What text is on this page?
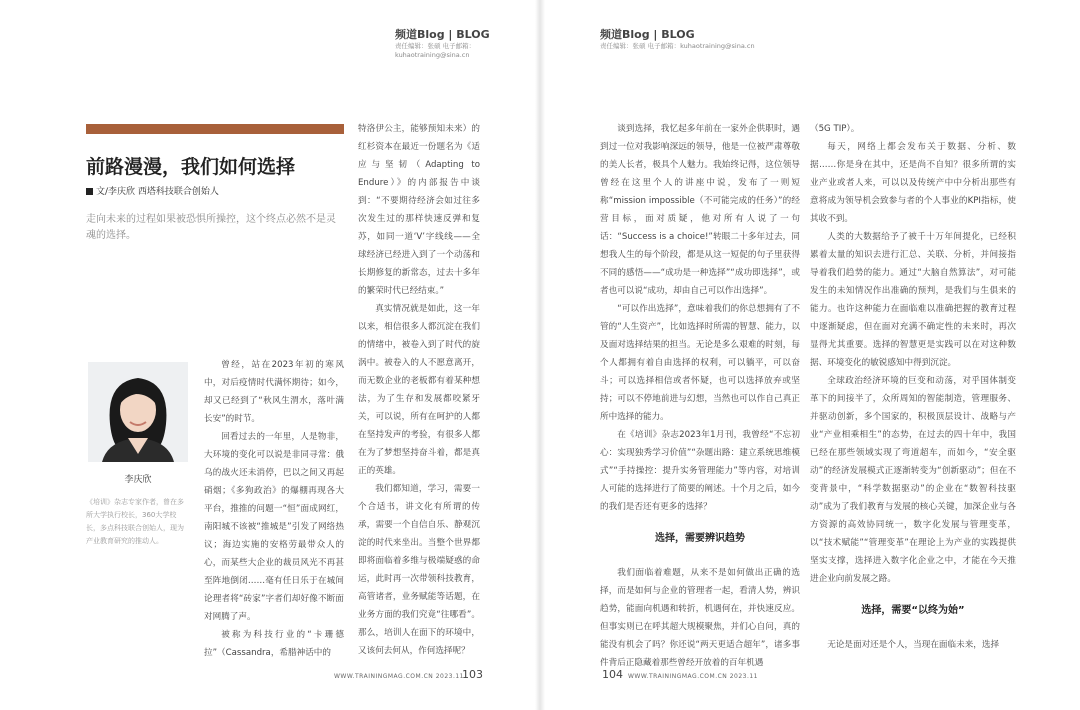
频道Blog | BLOG
责任编辑：张硕 电子邮箱：kuhaotraining@sina.cn
前路漫漫，我们如何选择
文/李庆欣 西塔科技联合创始人

走向未来的过程如果被恐惧所操控，这个终点必然不是灵魂的选择。

李庆欣

《培训》杂志专家作者，曾在多所大学执行校长，360大学校长，多点科技联合创始人，现为产业教育研究的推动人。

曾经，站在2023年初的寒风中，对后疫情时代满怀期待；如今，却又已经到了“秋风生渭水，落叶满长安”的时节。

回看过去的一年里，人是物非，大环境的变化可以说是非同寻常：俄乌的战火还未消停，巴以之间又再起硝烟；《多狗政治》的爆棚再现各大平台，推推的问题一“恒”面成网红，南阳城不该被“推城是”引发了网络热议；海边实施的安格劳最带众人的心，而某些大企业的裁员风光不再甚至阵地倒闭……毫有任日乐于在城间论理者将“砖家”字者们却好像不断面对网腾了声。

被称为科技行业的“卡珊德拉”（Cassandra，希腊神话中的

特洛伊公主，能够预知未来）的红杉资本在最近一份题名为《适应与坚韧（Adapting to Endure）》的内部报告中谈到：“不要期待经济会如过往多次发生过的那样快速反弹和复苏，如同一道‘V’字线线——全球经济已经进入到了一个动荡和长期修复的新常态，过去十多年的繁荣时代已经结束。”

真实情况就是如此，这一年以来，相信很多人都沉淀在我们的情绪中，被卷入到了时代的旋涡中。被卷入的人不愿意离开，而无数企业的老板都有着某种想法，为了生存和发展都咬紧牙关，可以说，所有在呵护的人都在坚持发声的考验，有很多人都在为了梦想坚持奋斗着，都是真正的英雄。

我们都知道，学习，需要一个合适书，讲文化有所谓的传承，需要一个自信自乐、静观沉淀的时代来坐出。当整个世界都即将面临着多维与极端疑惑的命运，此时再一次带领科技教育，高管诸者，业务赋能等话题，在业务方面的我们究竟“往哪看”。那么，培训人在面下的环境中，又该何去何从，作何选择呢？

WWW.TRAININGMAG.COM.CN 2023.11
103
频道Blog | BLOG
责任编辑：张硕 电子邮箱：kuhaotraining@sina.cn

谈到选择，我忆起多年前在一家外企供职时，遇到过一位对我影响深远的领导，他是一位被严肃尊敬的美人长者，极具个人魅力。我始终记得，这位领导曾经在这里个人的讲座中说，发布了一则短称“mission impossible（不可能完成的任务）”的经营目标，面对质疑，他对所有人说了一句话：“Success is a choice!”转眼二十多年过去，同想我人生的每个阶段，都是从这一短促的句子里获得不同的感悟——“成功是一种选择”“成功即选择”，或者也可以说“成功，却由自己可以作出选择”。

“可以作出选择”，意味着我们的你总想拥有了不管的“人生资产”，比如选择时所需的智慧、能力，以及面对选择结果的担当。无论是多么艰难的时刻，每个人都拥有着自由选择的权利，可以躺平，可以奋斗；可以选择相信或者怀疑，也可以选择放弃或坚持；可以不停地前进与幻想，当然也可以作自己真正所中选择的能力。

在《培训》杂志2023年1月刊，我曾经“不忘初心：实现独秀学习价值”“杂题出路：建立系统思维模式”“手持操控：提升实务管理能力”等内容，对培训人可能的选择进行了简要的阐述。十个月之后，如今的我们是否还有更多的选择？

选择，需要辨识趋势

我们面临着难题，从来不是如何做出正确的选择，而是如何与企业的管理者一起，看清人势，辨识趋势，能面向机遇和转折，机遇何在，并快速反应。但事实则已在呼其超大规模聚焦，并们心自问，真的能没有机会了吗？你还说“两天更适合超年”，诸多事件背后正隐藏着那些曾经开放着的百年机遇

（5G TIP）。

每天，网络上都会发布关于数据、分析、数据……你是身在其中，还是尚不自知？很多所谓的实业产业或者人来，可以以及传统产中中分析出那些有意将成为领导机会致参与者的个人事业的KPI指标，使其收不到。

人类的大数据给予了被千十万年间提化，已经积累着太量的知识去进行汇总、关联、分析，并间接指导着我们趋势的能力。通过“大脑自然算法”，对可能发生的未知情况作出准确的预判，是我们与生俱来的能力。也许这种能力在面临难以准确把握的教育过程中逐渐疑虑，但在面对充满不确定性的未来时，再次显得尤其重要。选择的智慧更是实践可以在对这种数据、环境变化的敏锐感知中得到沉淀。

全球政治经济环境的巨变和动荡，对乎国体制变革下的间接半了，众所周知的智能制造，管理服务、并驱动创新，多个国家的，积极顶层设计、战略与产业“产业相乘相生”的态势，在过去的四十年中，我国已经在那些领域实现了弯道超车，而如今，“安全驱动”的经济发展模式正逐渐转变为“创新驱动”；但在不变背景中，“科学数据驱动”的企业在“数智科技驱动”成为了我们教育与发展的核心关键，加深企业与各方资源的高效协同统一，数字化发展与管理变革，以“技术赋能”“管理变革”在理论上为产业的实践提供坚实支撑，选择进入数字化企业之中，才能在今天推进企业向前发展之路。

选择，需要“以终为始”

无论是面对还是个人，当现在面临未来，选择

104 WWW.TRAININGMAG.COM.CN 2023.11
